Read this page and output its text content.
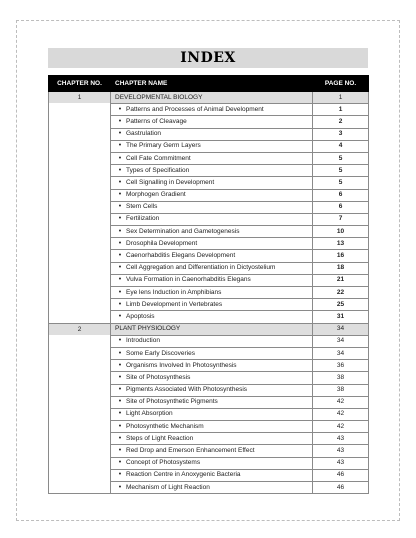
INDEX
CHAPTER NO.	CHAPTER NAME	PAGE NO.

1	DEVELOPMENTAL BIOLOGY	1
	• Patterns and Processes of Animal Development	1
	• Patterns of Cleavage	2
	• Gastrulation	3
	• The Primary Germ Layers	4
	• Cell Fate Commitment	5
	• Types of Specification	5
	• Cell Signalling in Development	5
	• Morphogen Gradient	6
	• Stem Cells	6
	• Fertilization	7
	• Sex Determination and Gametogenesis	10
	• Drosophila Development	13
	• Caenorhabditis Elegans Development	16
	• Cell Aggregation and Differentiation in Dictyostelium	18
	• Vulva Formation in Caenorhabditis Elegans	21
	• Eye lens Induction in Amphibians	22
	• Limb Development in Vertebrates	25
	• Apoptosis	31

2	PLANT PHYSIOLOGY	34
	• Introduction	34
	• Some Early Discoveries	34
	• Organisms Involved In Photosynthesis	36
	• Site of Photosynthesis	38
	• Pigments Associated With Photosynthesis	38
	• Site of Photosynthetic Pigments	42
	• Light Absorption	42
	• Photosynthetic Mechanism	42
	• Steps of Light Reaction	43
	• Red Drop and Emerson Enhancement Effect	43
	• Concept of Photosystems	43
	• Reaction Centre in Anoxygenic Bacteria	46
	• Mechanism of Light Reaction	46
